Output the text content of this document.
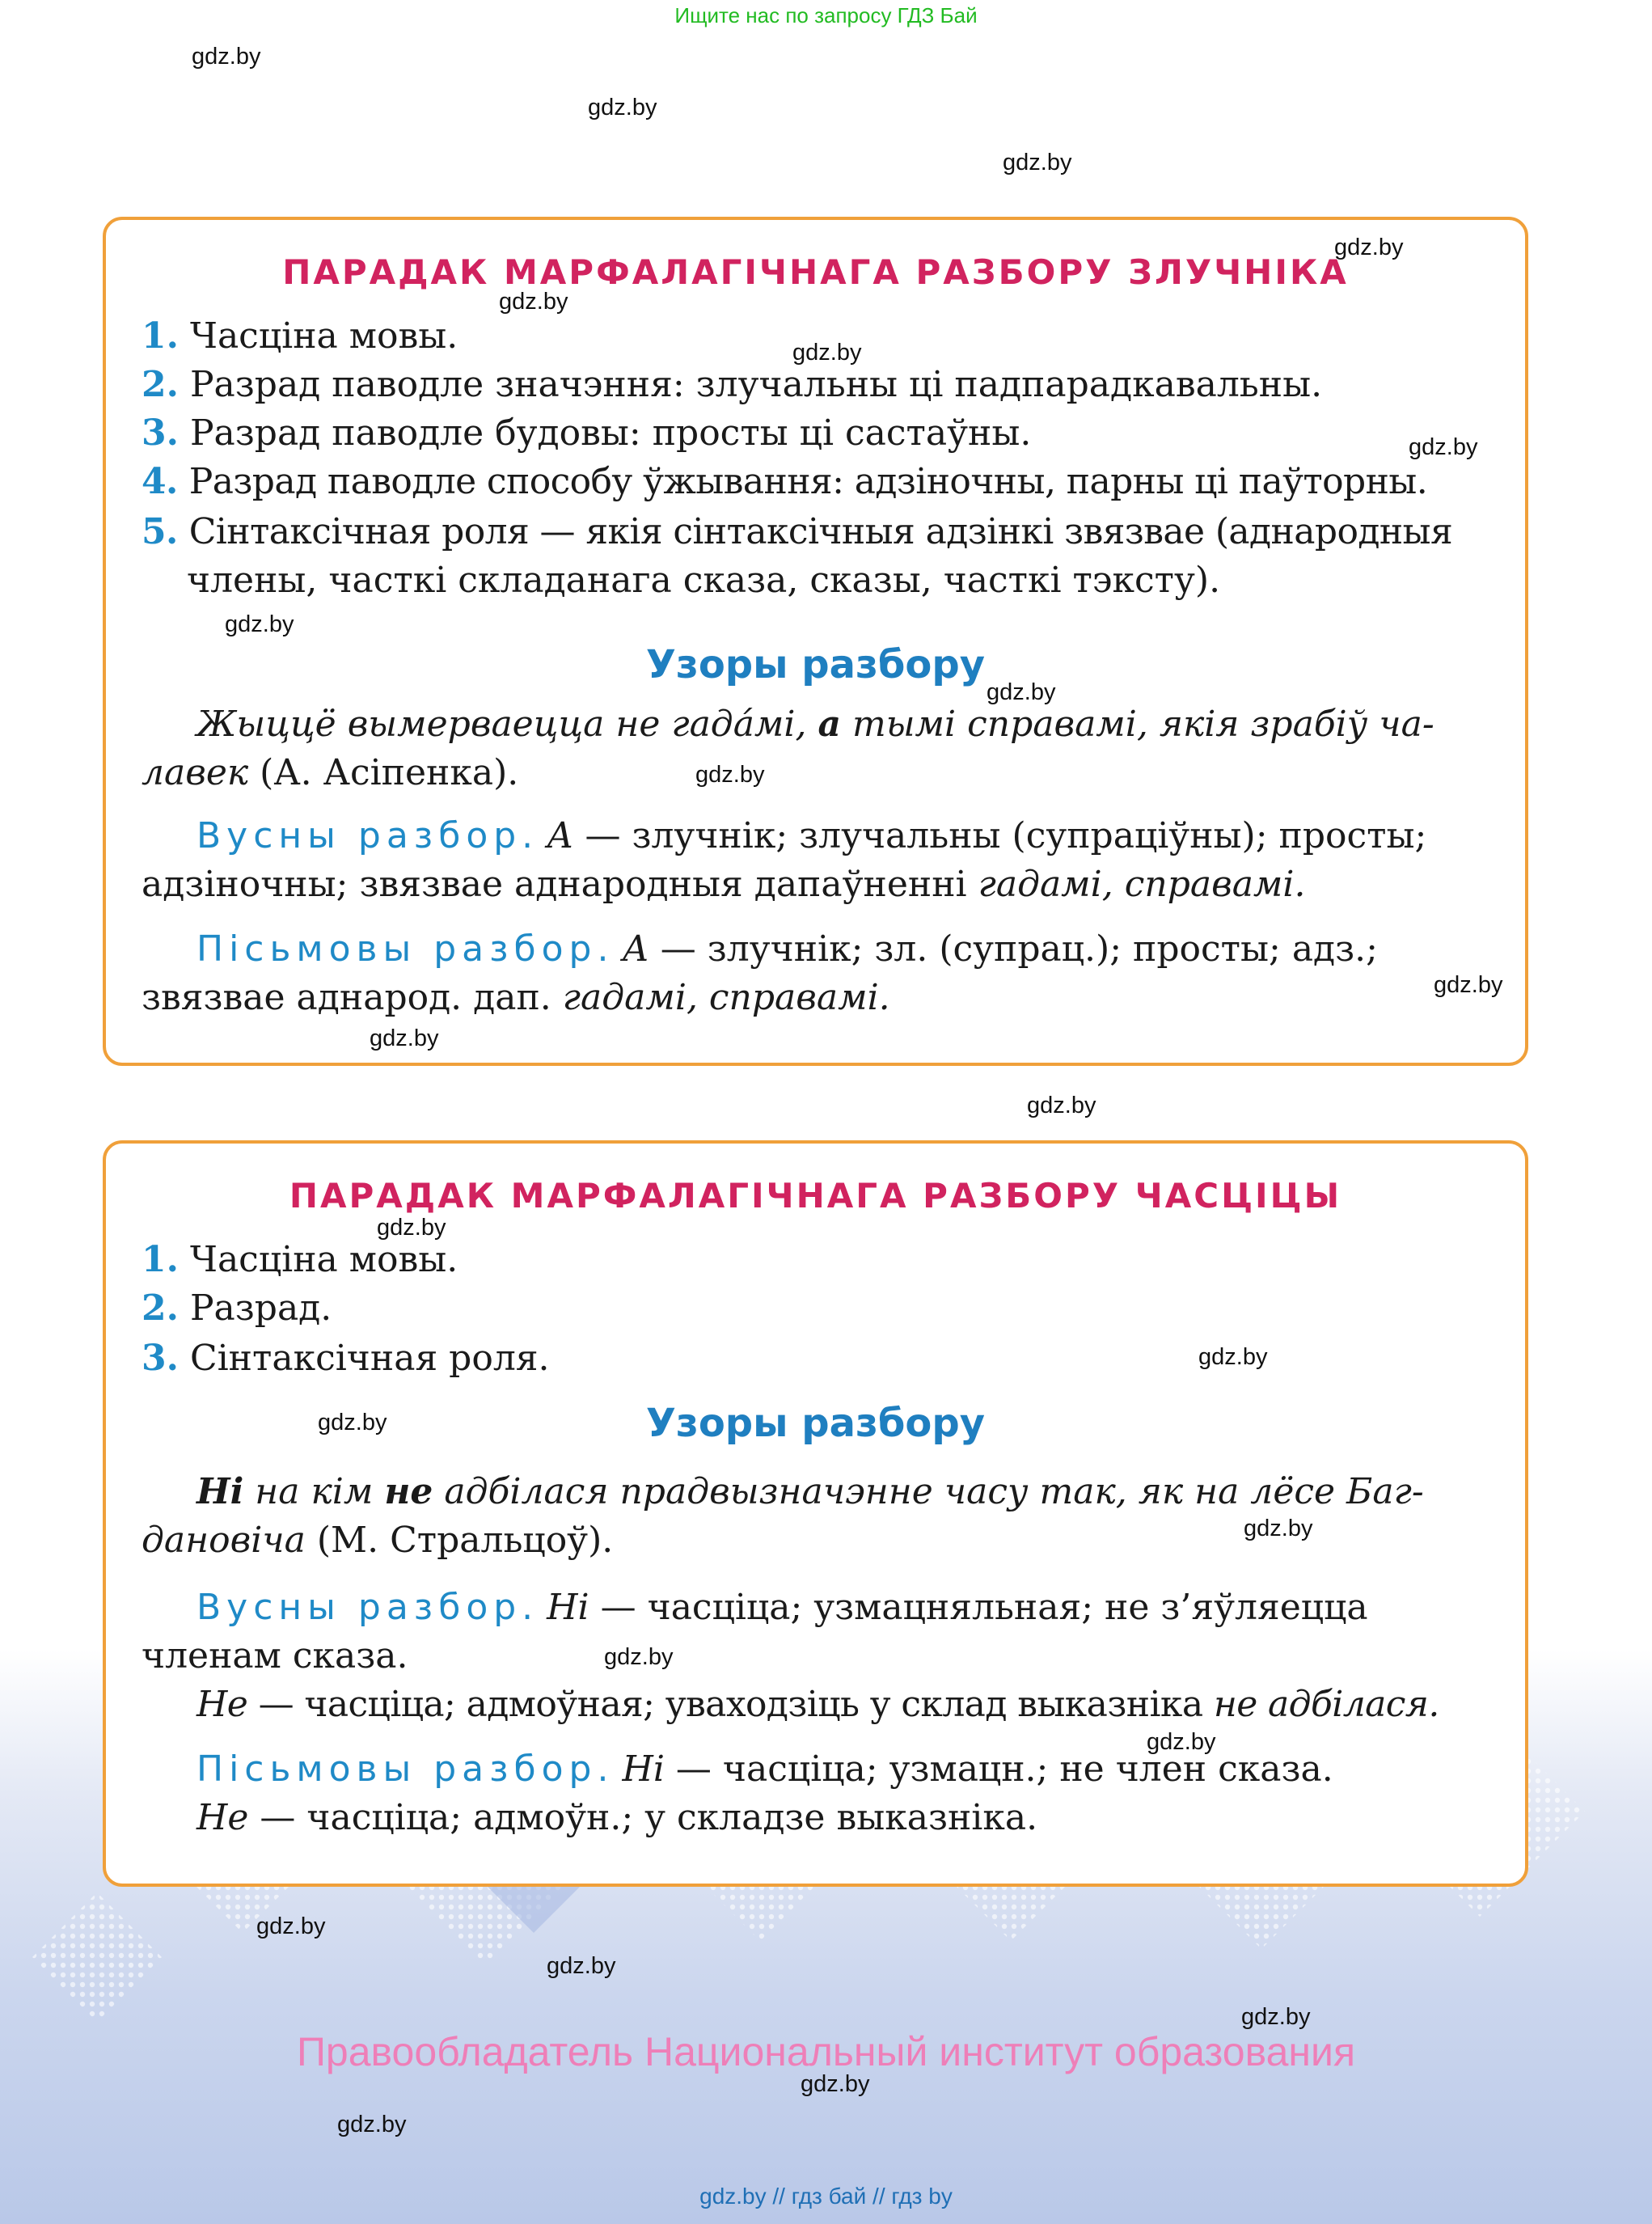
Ищите нас по запросу ГДЗ Бай
gdz.by
gdz.by
gdz.by
gdz.by
gdz.by
gdz.by
gdz.by
gdz.by
gdz.by
gdz.by
gdz.by
gdz.by
gdz.by
gdz.by
gdz.by
gdz.by
gdz.by
gdz.by
gdz.by
gdz.by
gdz.by
gdz.by
gdz.by
gdz.by
ПАРАДАК МАРФАЛАГІЧНАГА РАЗБОРУ ЗЛУЧНІКА
1. Часціна мовы.
2. Разрад паводле значэння: злучальны ці падпарадкавальны.
3. Разрад паводле будовы: просты ці састаўны.
4. Разрад паводле способу ўжывання: адзіночны, парны ці паўторны.
5. Сінтаксічная роля — якія сінтаксічныя адзінкі звязвае (аднародныя
члены, часткі складанага сказа, сказы, часткі тэксту).
Узоры разбору
Жыццё вымерваецца не гада́мі, а тымі справамі, якія зрабіў ча-
лавек (А. Асіпенка).
Вусны разбор. А — злучнік; злучальны (супраціўны); просты;
адзіночны; звязвае аднародныя дапаўненні гадамі, справамі.
Пісьмовы разбор. А — злучнік; зл. (супрац.); просты; адз.;
звязвае аднарод. дап. гадамі, справамі.
ПАРАДАК МАРФАЛАГІЧНАГА РАЗБОРУ ЧАСЦІЦЫ
1. Часціна мовы.
2. Разрад.
3. Сінтаксічная роля.
Узоры разбору
Ні на кім не адбілася прадвызначэнне часу так, як на лёсе Баг-
дановіча (М. Стральцоў).
Вусны разбор. Ні — часціца; узмацняльная; не з’яўляецца
членам сказа.
Не — часціца; адмоўная; уваходзіць у склад выказніка не адбілася.
Пісьмовы разбор. Ні — часціца; узмацн.; не член сказа.
Не — часціца; адмоўн.; у складзе выказніка.
Правообладатель Национальный институт образования
gdz.by // гдз бай // гдз by
